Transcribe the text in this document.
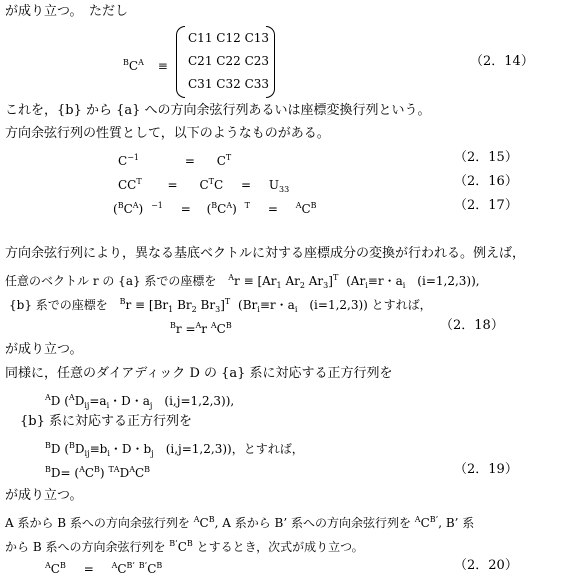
が成り立つ。　ただし
$^BC^A$ ≡
C11 C12 C13
C21 C22 C23
C31 C32 C33
（2．14）
これを，{b} から {a} への方向余弦行列あるいは座標変換行列という。
方向余弦行列の性質として，以下のようなものがある。
$C^{-1}$	= $C^T$	（2．15）
$CC^T = C^TC = U_{33}$
（2．16）
$(^BC^A) ^{-1} = (^BC^A) ^T = ^AC^B$	（2．17）
方向余弦行列により，異なる基底ベクトルに対する座標成分の変換が行われる。例えば，
任意のベクトル r の {a} 系での座標を $^Ar \equiv [Ar_1$ $Ar_2$ $Ar_3]^T$ ($Ar_i\equiv r$・$a_i$　(i=1,2,3)),
{b} 系での座標を $^Br \equiv [Br_1$ $Br_2$ $Br_3]^T$ ($Br_i\equiv r$・$a_i$　(i=1,2,3)) とすれば，
$^B$r =$^A$r $^AC^B$	（2．18）
が成り立つ。
同様に，任意のダイアディック D の {a} 系に対応する正方行列を
$^A$D ($^AD_{ij}=a_i$・D・$a_j$　(i,j=1,2,3)),
{b} 系に対応する正方行列を
$^B$D ($^BD_{ij}\equiv b_i$・D・$b_j$　(i,j=1,2,3))，とすれば，
$^BD= (^AC^B)$ $^{TA}D^AC^B$	（2．19）
が成り立つ。
A 系から B 系への方向余弦行列を $^AC^B$, A 系から B’ 系への方向余弦行列を $^AC^{B’}$, B’ 系
から B 系への方向余弦行列を $^{B’}C^B$ とするとき，次式が成り立つ。
$^AC^B = ^AC^{B’}$ $^{B’}C^B$	（2．20）
